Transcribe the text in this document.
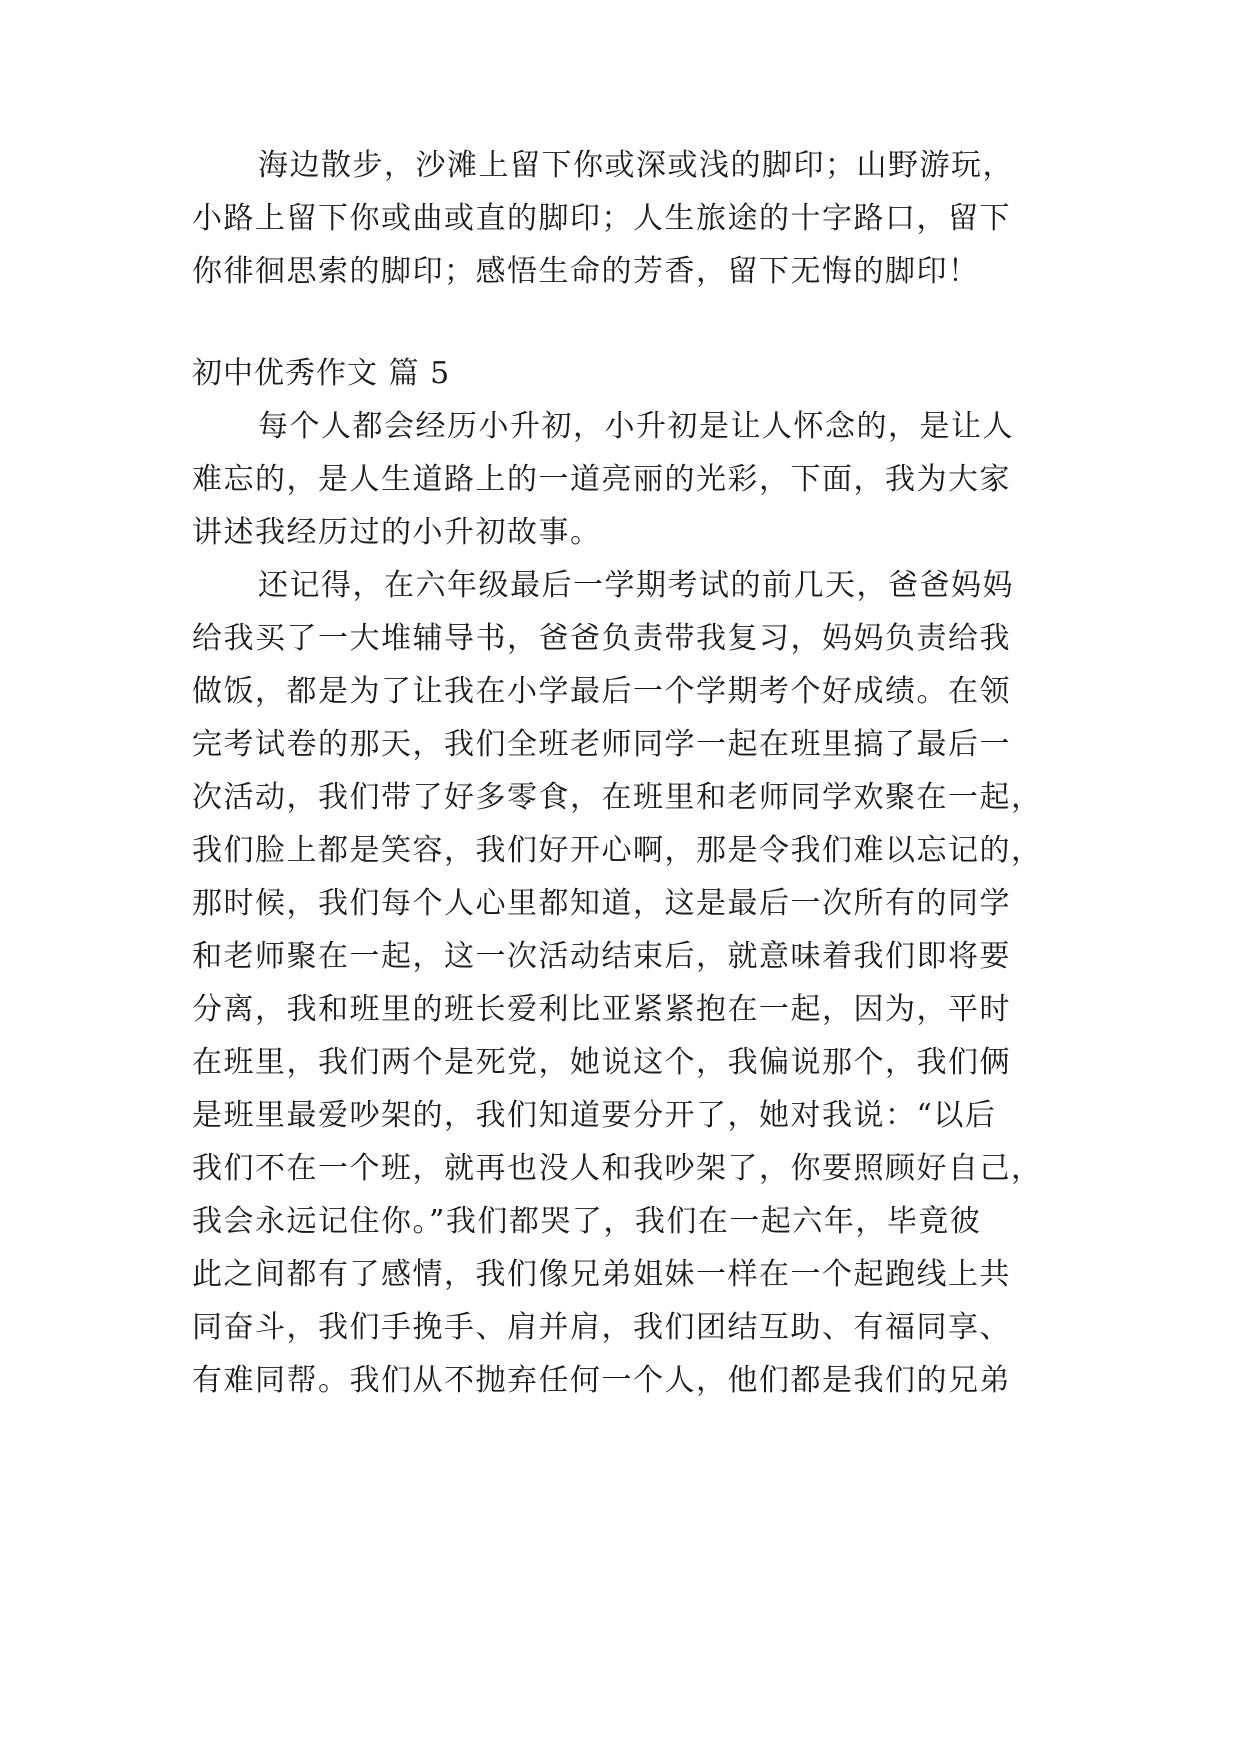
海边散步，沙滩上留下你或深或浅的脚印；山野游玩，
小路上留下你或曲或直的脚印；人生旅途的十字路口，留下
你徘徊思索的脚印；感悟生命的芳香，留下无悔的脚印！
初中优秀作文 篇 5
每个人都会经历小升初，小升初是让人怀念的，是让人
难忘的，是人生道路上的一道亮丽的光彩，下面，我为大家
讲述我经历过的小升初故事。
还记得，在六年级最后一学期考试的前几天，爸爸妈妈
给我买了一大堆辅导书，爸爸负责带我复习，妈妈负责给我
做饭，都是为了让我在小学最后一个学期考个好成绩。在领
完考试卷的那天，我们全班老师同学一起在班里搞了最后一
次活动，我们带了好多零食，在班里和老师同学欢聚在一起，
我们脸上都是笑容，我们好开心啊，那是令我们难以忘记的，
那时候，我们每个人心里都知道，这是最后一次所有的同学
和老师聚在一起，这一次活动结束后，就意味着我们即将要
分离，我和班里的班长爱利比亚紧紧抱在一起，因为，平时
在班里，我们两个是死党，她说这个，我偏说那个，我们俩
是班里最爱吵架的，我们知道要分开了，她对我说：“以后
我们不在一个班，就再也没人和我吵架了，你要照顾好自己，
我会永远记住你。”我们都哭了，我们在一起六年，毕竟彼
此之间都有了感情，我们像兄弟姐妹一样在一个起跑线上共
同奋斗，我们手挽手、肩并肩，我们团结互助、有福同享、
有难同帮。我们从不抛弃任何一个人，他们都是我们的兄弟
